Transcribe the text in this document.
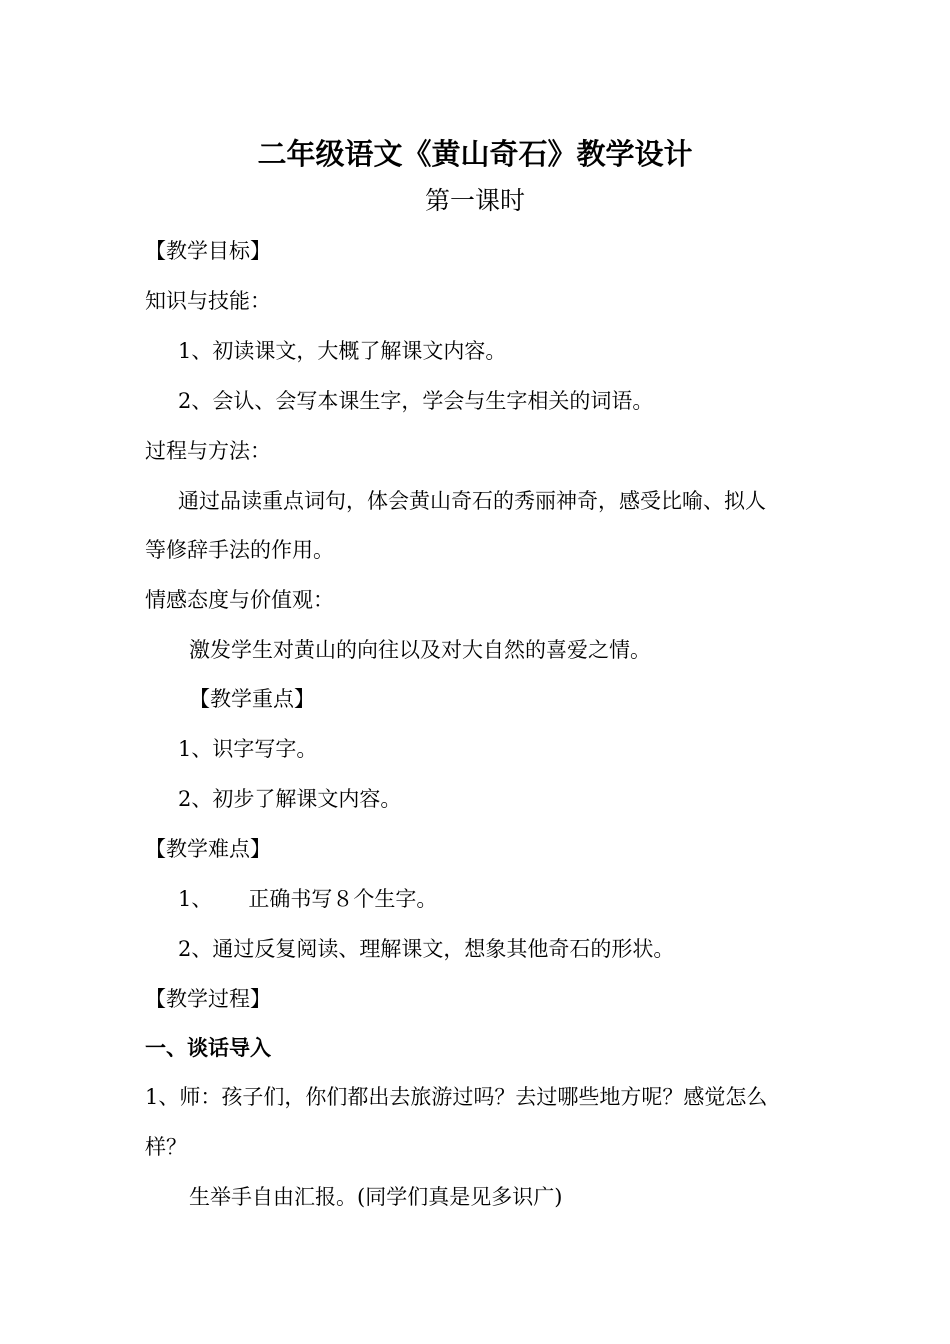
二年级语文《黄山奇石》教学设计
第一课时
【教学目标】
知识与技能：
1、初读课文，大概了解课文内容。
2、会认、会写本课生字，学会与生字相关的词语。
过程与方法：
通过品读重点词句，体会黄山奇石的秀丽神奇，感受比喻、拟人
等修辞手法的作用。
情感态度与价值观：
激发学生对黄山的向往以及对大自然的喜爱之情。
【教学重点】
1、识字写字。
2、初步了解课文内容。
【教学难点】
1、 正确书写８个生字。
2、通过反复阅读、理解课文，想象其他奇石的形状。
【教学过程】
一、谈话导入
1、师：孩子们，你们都出去旅游过吗？去过哪些地方呢？感觉怎么
样？
生举手自由汇报。(同学们真是见多识广)
